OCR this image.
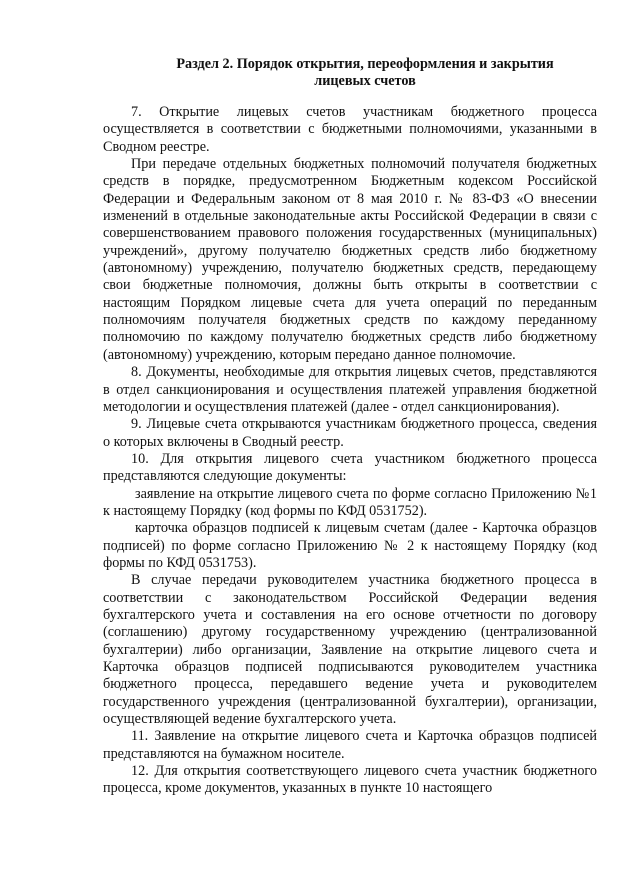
Раздел 2. Порядок открытия, переоформления и закрытия лицевых счетов

7. Открытие лицевых счетов участникам бюджетного процесса осуществляется в соответствии с бюджетными полномочиями, указанными в Сводном реестре.

При передаче отдельных бюджетных полномочий получателя бюджетных средств в порядке, предусмотренном Бюджетным кодексом Российской Федерации и Федеральным законом от 8 мая 2010 г. № 83-ФЗ «О внесении изменений в отдельные законодательные акты Российской Федерации в связи с совершенствованием правового положения государственных (муниципальных) учреждений», другому получателю бюджетных средств либо бюджетному (автономному) учреждению, получателю бюджетных средств, передающему свои бюджетные полномочия, должны быть открыты в соответствии с настоящим Порядком лицевые счета для учета операций по переданным полномочиям получателя бюджетных средств по каждому переданному полномочию по каждому получателю бюджетных средств либо бюджетному (автономному) учреждению, которым передано данное полномочие.

8. Документы, необходимые для открытия лицевых счетов, представляются в отдел санкционирования и осуществления платежей управления бюджетной методологии и осуществления платежей (далее - отдел санкционирования).

9. Лицевые счета открываются участникам бюджетного процесса, сведения о которых включены в Сводный реестр.

10. Для открытия лицевого счета участником бюджетного процесса представляются следующие документы:

заявление на открытие лицевого счета по форме согласно Приложению №1 к настоящему Порядку (код формы по КФД 0531752).

карточка образцов подписей к лицевым счетам (далее - Карточка образцов подписей) по форме согласно Приложению № 2 к настоящему Порядку (код формы по КФД 0531753).

В случае передачи руководителем участника бюджетного процесса в соответствии с законодательством Российской Федерации ведения бухгалтерского учета и составления на его основе отчетности по договору (соглашению) другому государственному учреждению (централизованной бухгалтерии) либо организации, Заявление на открытие лицевого счета и Карточка образцов подписей подписываются руководителем участника бюджетного процесса, передавшего ведение учета и руководителем государственного учреждения (централизованной бухгалтерии), организации, осуществляющей ведение бухгалтерского учета.

11. Заявление на открытие лицевого счета и Карточка образцов подписей представляются на бумажном носителе.

12. Для открытия соответствующего лицевого счета участник бюджетного процесса, кроме документов, указанных в пункте 10 настоящего
